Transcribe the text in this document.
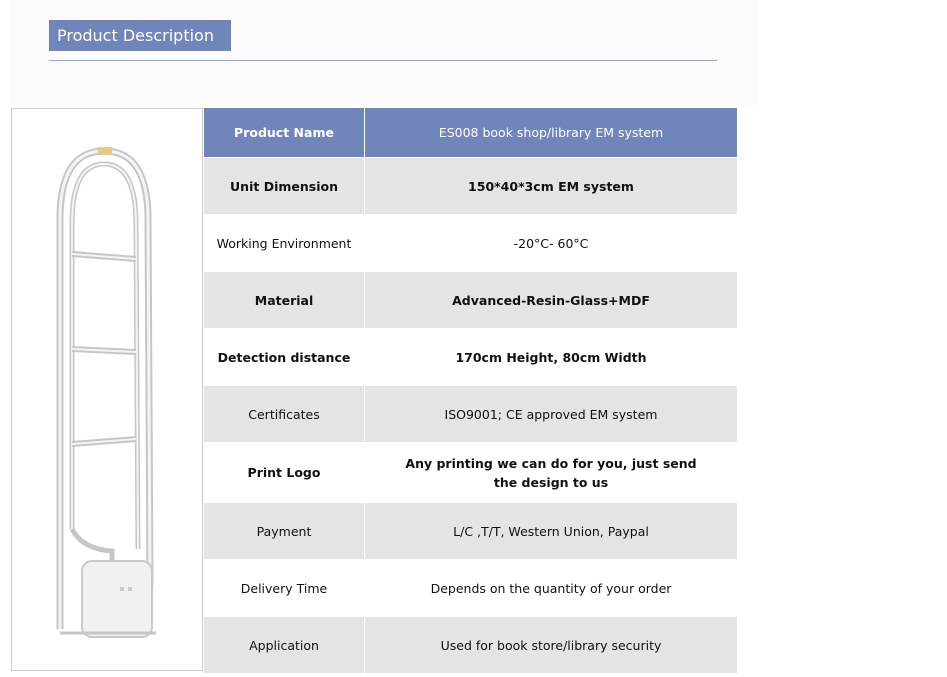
Product Description
Product Name	ES008 book shop/library EM system
Unit Dimension	150*40*3cm EM system
Working Environment	-20°C- 60°C
Material	Advanced-Resin-Glass+MDF
Detection distance	170cm Height, 80cm Width
Certificates	ISO9001; CE approved EM system
Print Logo	Any printing we can do for you, just send the design to us
Payment	L/C ,T/T, Western Union, Paypal
Delivery Time	Depends on the quantity of your order
Application	Used for book store/library security
